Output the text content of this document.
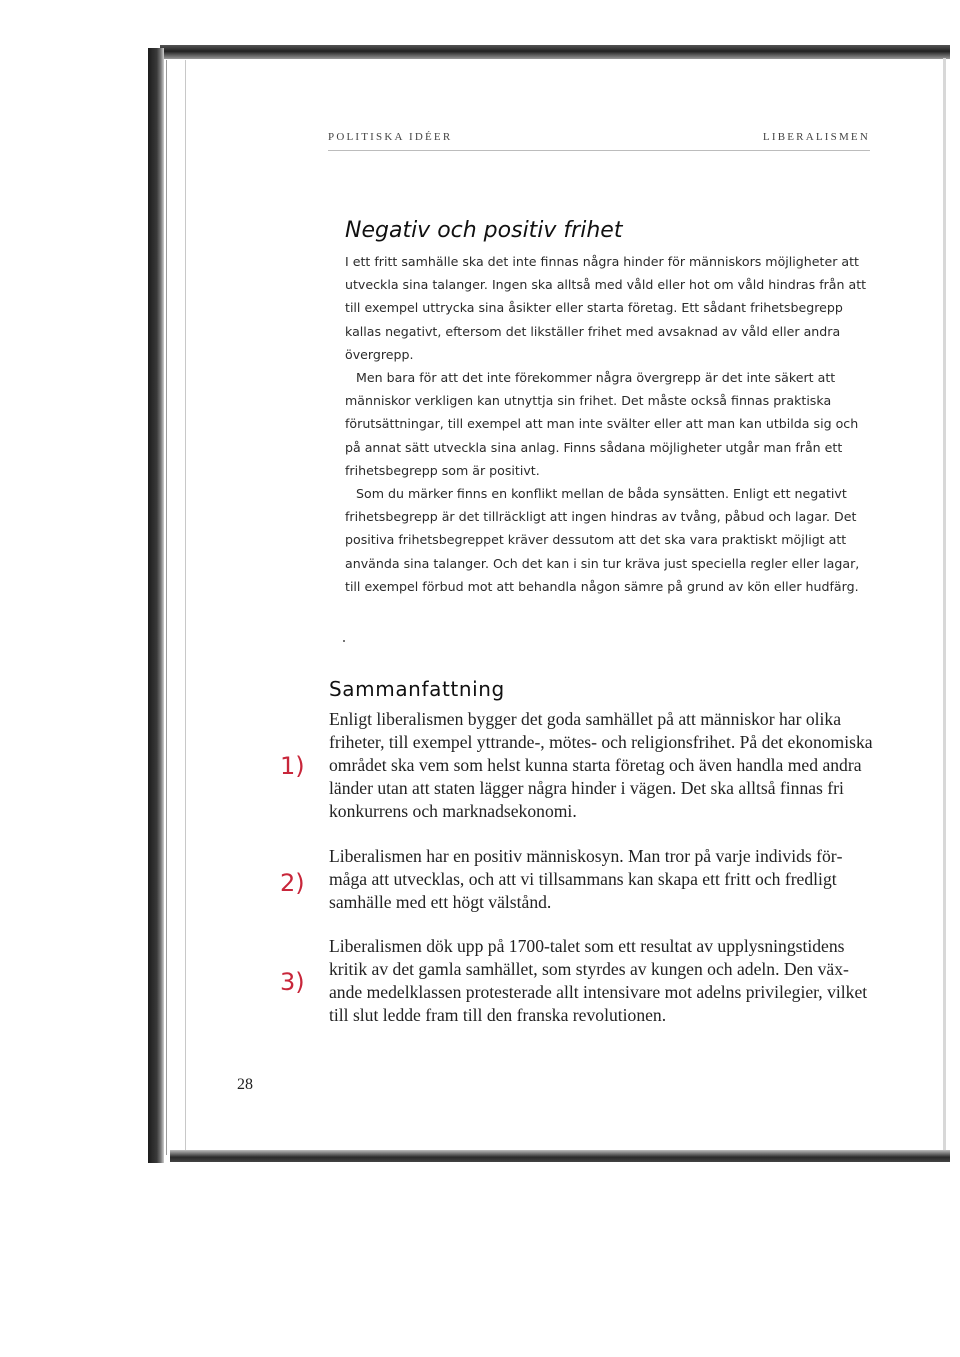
POLITISKA IDÉER	LIBERALISMEN
Negativ och positiv frihet

I ett fritt samhälle ska det inte finnas några hinder för människors möjligheter att utveckla sina talanger. Ingen ska alltså med våld eller hot om våld hindras från att till exempel uttrycka sina åsikter eller starta företag. Ett sådant frihetsbegrepp kallas negativt, eftersom det likställer frihet med avsaknad av våld eller andra övergrepp.

Men bara för att det inte förekommer några övergrepp är det inte säkert att människor verkligen kan utnyttja sin frihet. Det måste också finnas praktiska förutsättningar, till exempel att man inte svälter eller att man kan utbilda sig och på annat sätt utveckla sina anlag. Finns sådana möjligheter utgår man från ett frihetsbegrepp som är positivt.

Som du märker finns en konflikt mellan de båda synsätten. Enligt ett negativt frihetsbegrepp är det tillräckligt att ingen hindras av tvång, påbud och lagar. Det positiva frihetsbegreppet kräver dessutom att det ska vara praktiskt möjligt att använda sina talanger. Och det kan i sin tur kräva just speciella regler eller lagar, till exempel förbud mot att behandla någon sämre på grund av kön eller hudfärg.

Sammanfattning

Enligt liberalismen bygger det goda samhället på att människor har olika friheter, till exempel yttrande-, mötes- och religionsfrihet. På det ekonomiska området ska vem som helst kunna starta företag och även handla med andra länder utan att staten lägger några hinder i vägen. Det ska alltså finnas fri konkurrens och marknadsekonomi.

Liberalismen har en positiv människosyn. Man tror på varje individs förmåga att utvecklas, och att vi tillsammans kan skapa ett fritt och fredligt samhälle med ett högt välstånd.

Liberalismen dök upp på 1700-talet som ett resultat av upplysningstidens kritik av det gamla samhället, som styrdes av kungen och adeln. Den växande medelklassen protesterade allt intensivare mot adelns privilegier, vilket till slut ledde fram till den franska revolutionen.

1)
2)
3)
28
